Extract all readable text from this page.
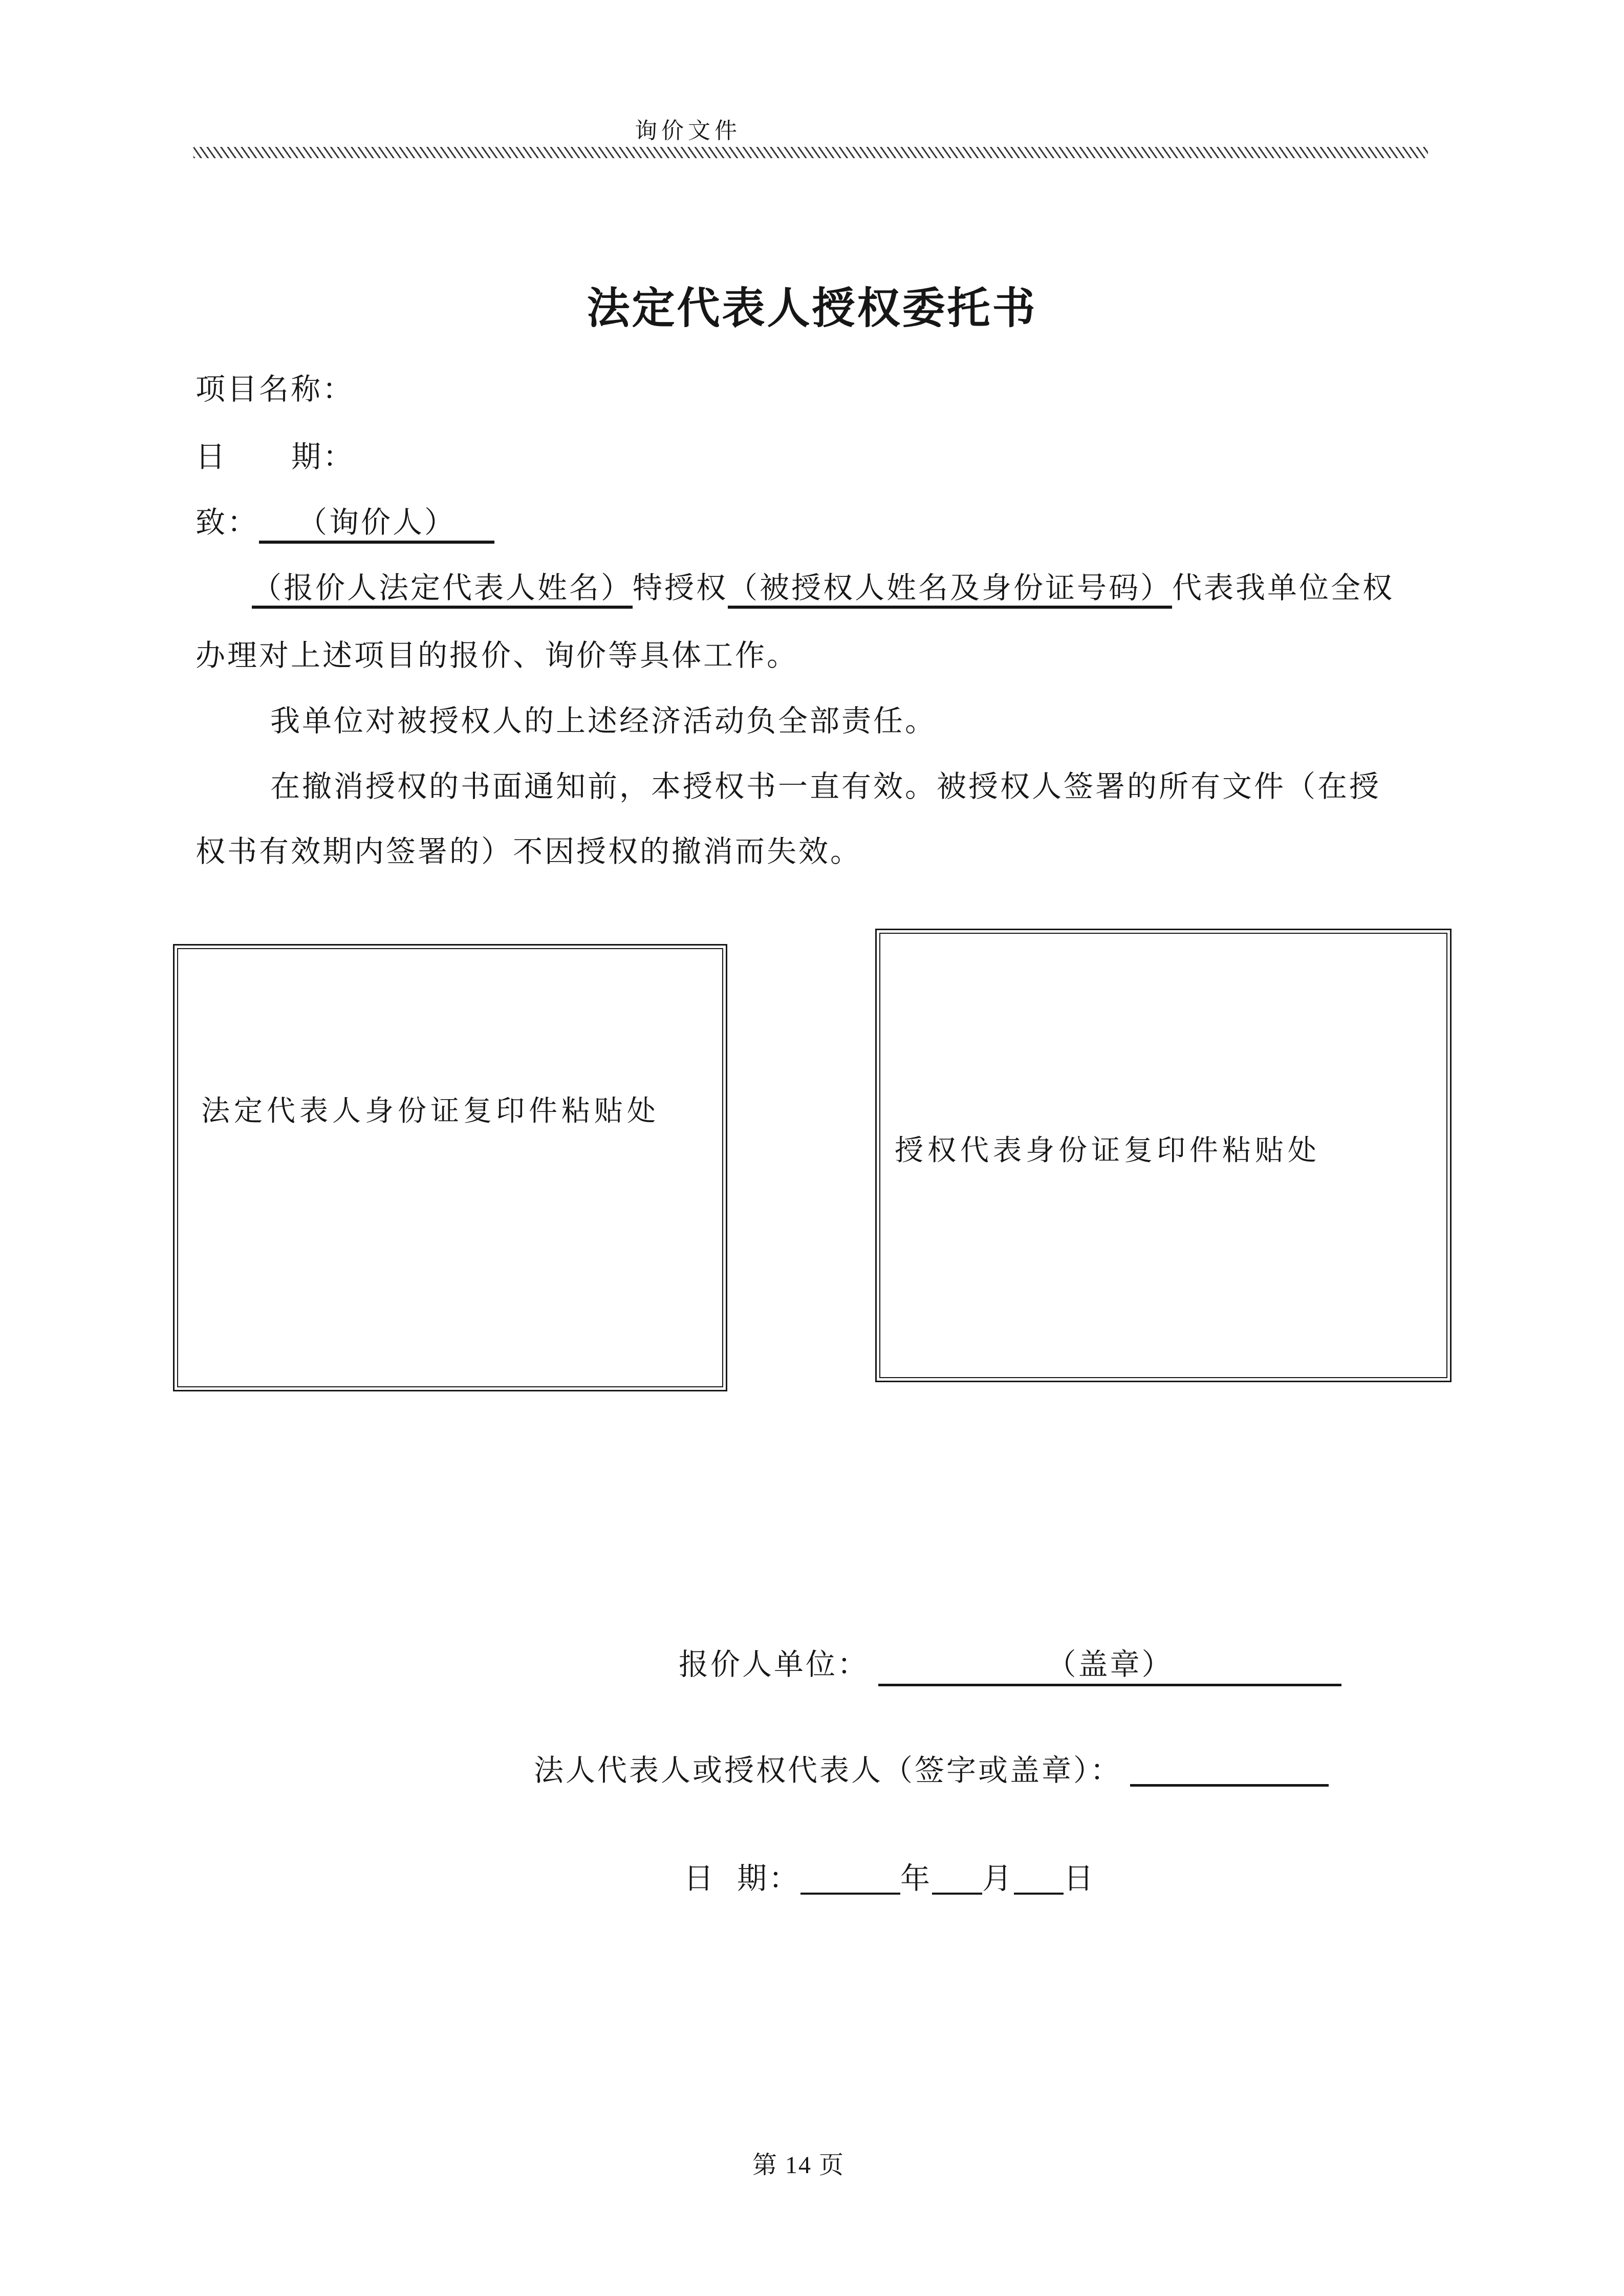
询价文件
法定代表人授权委托书
项目名称：
日 期：
致： （询价人）
（报价人法定代表人姓名）特授权（被授权人姓名及身份证号码）代表我单位全权
办理对上述项目的报价、询价等具体工作。
我单位对被授权人的上述经济活动负全部责任。
在撤消授权的书面通知前，本授权书一直有效。被授权人签署的所有文件（在授
权书有效期内签署的）不因授权的撤消而失效。
法定代表人身份证复印件粘贴处
授权代表身份证复印件粘贴处
报价人单位：	（盖章）
法人代表人或授权代表人（签字或盖章）：
日 期：	年 月 日
第 14 页
